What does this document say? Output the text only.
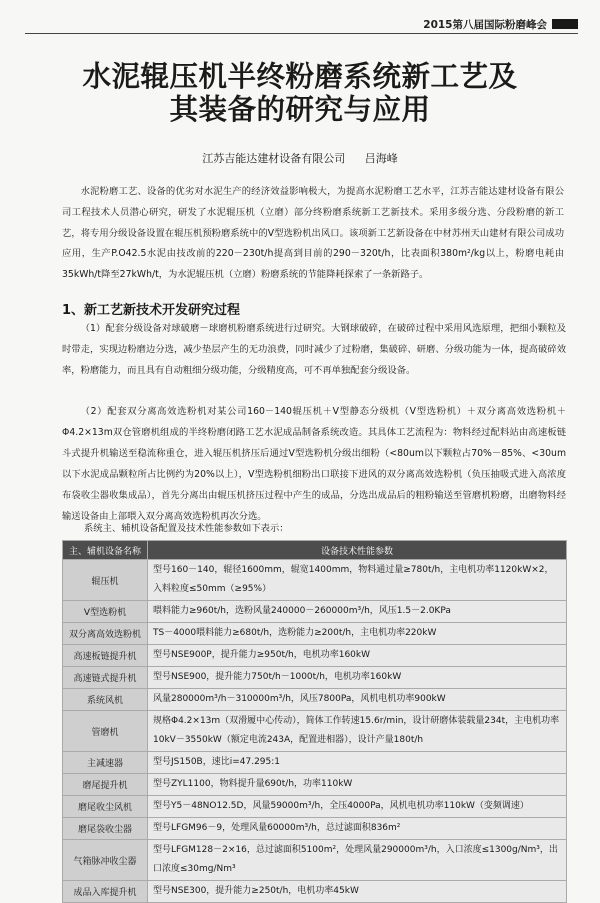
2015第八届国际粉磨峰会
水泥辊压机半终粉磨系统新工艺及
其装备的研究与应用
江苏吉能达建材设备有限公司 吕海峰

水泥粉磨工艺、设备的优劣对水泥生产的经济效益影响极大，为提高水泥粉磨工艺水平，江苏吉能达建材设备有限公司工程技术人员潜心研究，研发了水泥辊压机（立磨）部分终粉磨系统新工艺新技术。采用多级分选、分段粉磨的新工艺，将专用分级设备设置在辊压机预粉磨系统中的V型选粉机出风口。该项新工艺新设备在中材苏州天山建材有限公司成功应用，生产P.O42.5水泥由技改前的220－230t/h提高到目前的290－320t/h，比表面积380m²/kg以上，粉磨电耗由35kWh/t降至27kWh/t，为水泥辊压机（立磨）粉磨系统的节能降耗探索了一条新路子。

1、新工艺新技术开发研究过程

（1）配套分级设备对球破磨－球磨机粉磨系统进行过研究。大钢球破碎，在破碎过程中采用风选原理，把细小颗粒及时带走，实现边粉磨边分选，减少垫层产生的无功浪费，同时减少了过粉磨，集破碎、研磨、分级功能为一体，提高破碎效率，粉磨能力，而且具有自动粗细分级功能，分级精度高，可不再单独配套分级设备。

（2）配套双分离高效选粉机对某公司160－140辊压机＋V型静态分级机（V型选粉机）＋双分离高效选粉机＋Φ4.2×13m双仓管磨机组成的半终粉磨闭路工艺水泥成品制备系统改造。其具体工艺流程为：物料经过配料站由高速板链斗式提升机输送至稳流称重仓，进入辊压机挤压后通过V型选粉机分级出细粉（<80um以下颗粒占70%－85%、<30um以下水泥成品颗粒所占比例约为20%以上），V型选粉机细粉出口联接下进风的双分离高效选粉机（负压抽吸式进入高浓度布袋收尘器收集成品），首先分离出由辊压机挤压过程中产生的成品，分选出成品后的粗粉输送至管磨机粉磨，出磨物料经输送设备由上部喂入双分离高效选粉机再次分选。

系统主、辅机设备配置及技术性能参数如下表示：
主、辅机设备名称	设备技术性能参数
辊压机	型号160－140，辊径1600mm，辊宽1400mm，物料通过量≥780t/h，主电机功率1120kW×2，入料粒度≤50mm（≥95%）
V型选粉机	喂料能力≥960t/h，选粉风量240000－260000m³/h，风压1.5－2.0KPa
双分离高效选粉机	TS－4000喂料能力≥680t/h，选粉能力≥200t/h，主电机功率220kW
高速板链提升机	型号NSE900P，提升能力≥950t/h，电机功率160kW
高速链式提升机	型号NSE900，提升能力750t/h－1000t/h，电机功率160kW
系统风机	风量280000m³/h－310000m³/h，风压7800Pa，风机电机功率900kW
管磨机	规格Φ4.2×13m（双滑履中心传动），简体工作转速15.6r/min，设计研磨体装载量234t，主电机功率10kV－3550kW（额定电流243A，配置进相器），设计产量180t/h
主减速器	型号JS150B，速比i=47.295:1
磨尾提升机	型号ZYL1100，物料提升量690t/h，功率110kW
磨尾收尘风机	型号Y5－48NO12.5D，风量59000m³/h，全压4000Pa，风机电机功率110kW（变频调速）
磨尾袋收尘器	型号LFGM96－9，处理风量60000m³/h，总过滤面积836m²
气箱脉冲收尘器	型号LFGM128－2×16，总过滤面积5100m²，处理风量290000m³/h，入口浓度≤1300g/Nm³，出口浓度≤30mg/Nm³
成品入库提升机	型号NSE300，提升能力≥250t/h，电机功率45kW
